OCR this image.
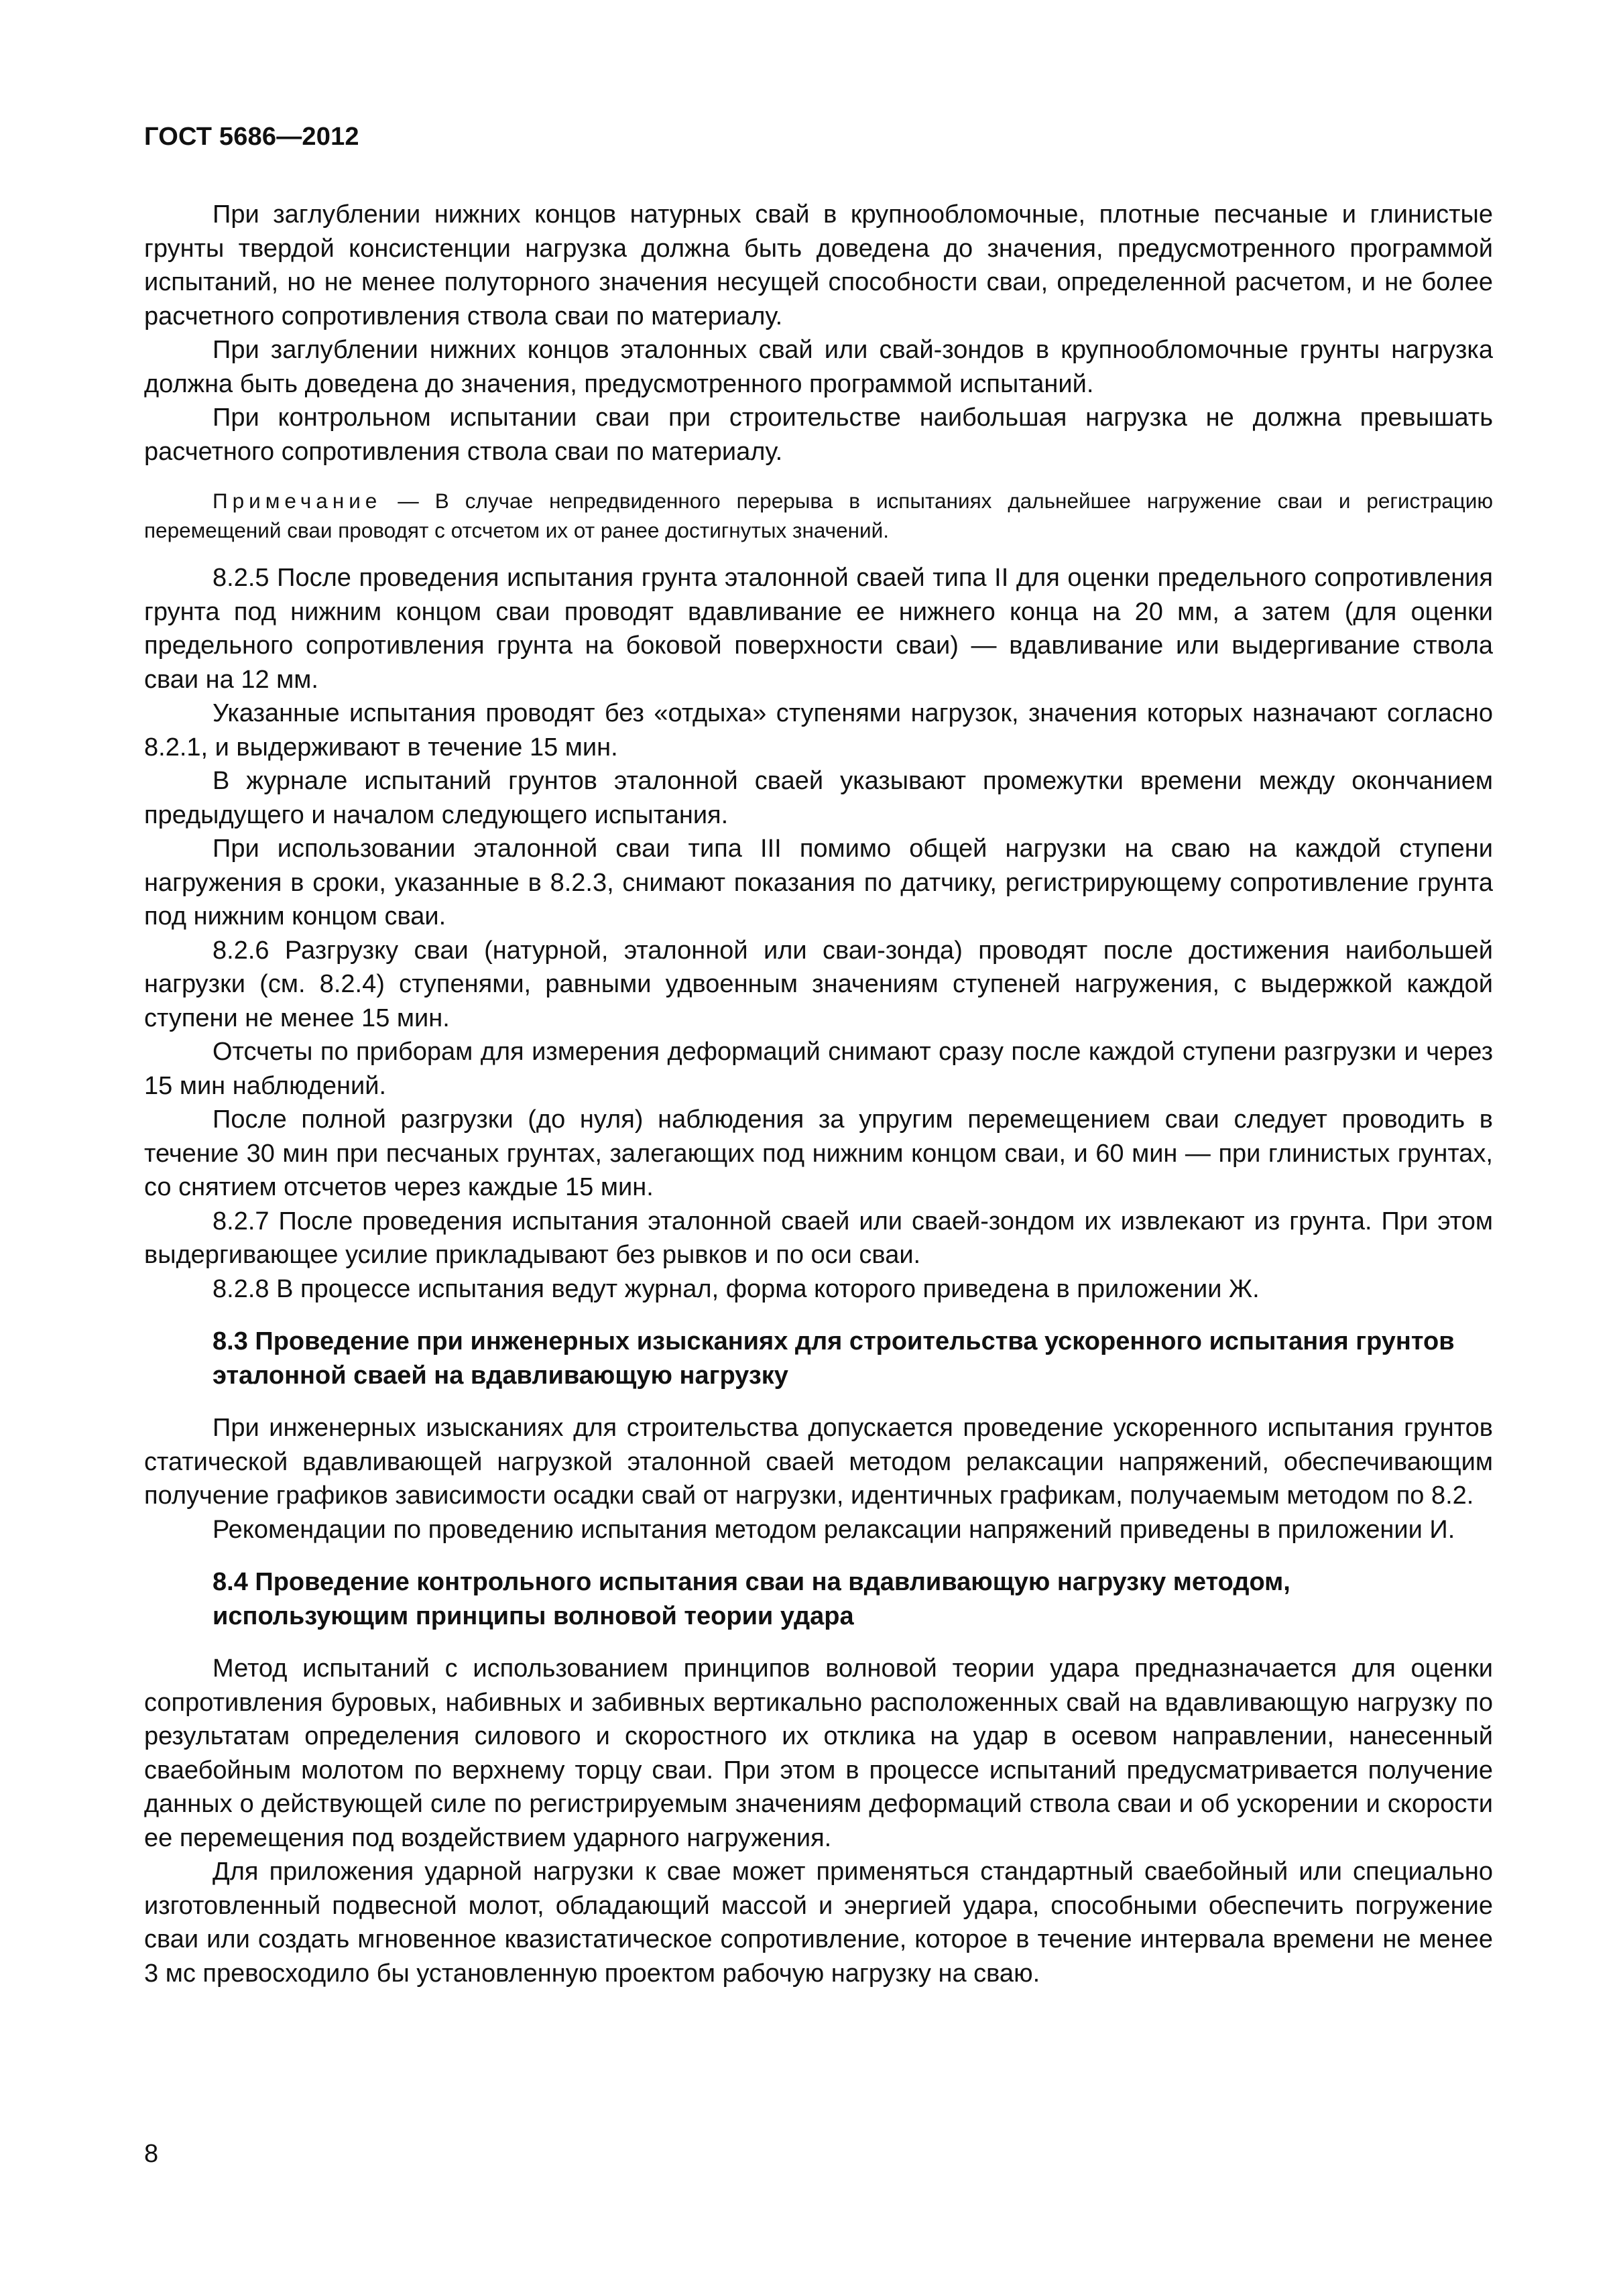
ГОСТ 5686—2012

При заглублении нижних концов натурных свай в крупнообломочные, плотные песчаные и глинистые грунты твердой консистенции нагрузка должна быть доведена до значения, предусмотренного программой испытаний, но не менее полуторного значения несущей способности сваи, определенной расчетом, и не более расчетного сопротивления ствола сваи по материалу.

При заглублении нижних концов эталонных свай или свай-зондов в крупнообломочные грунты нагрузка должна быть доведена до значения, предусмотренного программой испытаний.

При контрольном испытании сваи при строительстве наибольшая нагрузка не должна превышать расчетного сопротивления ствола сваи по материалу.

Примечание — В случае непредвиденного перерыва в испытаниях дальнейшее нагружение сваи и регистрацию перемещений сваи проводят с отсчетом их от ранее достигнутых значений.

8.2.5 После проведения испытания грунта эталонной сваей типа II для оценки предельного сопротивления грунта под нижним концом сваи проводят вдавливание ее нижнего конца на 20 мм, а затем (для оценки предельного сопротивления грунта на боковой поверхности сваи) — вдавливание или выдергивание ствола сваи на 12 мм.

Указанные испытания проводят без «отдыха» ступенями нагрузок, значения которых назначают согласно 8.2.1, и выдерживают в течение 15 мин.

В журнале испытаний грунтов эталонной сваей указывают промежутки времени между окончанием предыдущего и началом следующего испытания.

При использовании эталонной сваи типа III помимо общей нагрузки на сваю на каждой ступени нагружения в сроки, указанные в 8.2.3, снимают показания по датчику, регистрирующему сопротивление грунта под нижним концом сваи.

8.2.6 Разгрузку сваи (натурной, эталонной или сваи-зонда) проводят после достижения наибольшей нагрузки (см. 8.2.4) ступенями, равными удвоенным значениям ступеней нагружения, с выдержкой каждой ступени не менее 15 мин.

Отсчеты по приборам для измерения деформаций снимают сразу после каждой ступени разгрузки и через 15 мин наблюдений.

После полной разгрузки (до нуля) наблюдения за упругим перемещением сваи следует проводить в течение 30 мин при песчаных грунтах, залегающих под нижним концом сваи, и 60 мин — при глинистых грунтах, со снятием отсчетов через каждые 15 мин.

8.2.7 После проведения испытания эталонной сваей или сваей-зондом их извлекают из грунта. При этом выдергивающее усилие прикладывают без рывков и по оси сваи.

8.2.8 В процессе испытания ведут журнал, форма которого приведена в приложении Ж.

8.3 Проведение при инженерных изысканиях для строительства ускоренного испытания грунтов эталонной сваей на вдавливающую нагрузку

При инженерных изысканиях для строительства допускается проведение ускоренного испытания грунтов статической вдавливающей нагрузкой эталонной сваей методом релаксации напряжений, обеспечивающим получение графиков зависимости осадки свай от нагрузки, идентичных графикам, получаемым методом по 8.2.

Рекомендации по проведению испытания методом релаксации напряжений приведены в приложении И.

8.4 Проведение контрольного испытания сваи на вдавливающую нагрузку методом, использующим принципы волновой теории удара

Метод испытаний с использованием принципов волновой теории удара предназначается для оценки сопротивления буровых, набивных и забивных вертикально расположенных свай на вдавливающую нагрузку по результатам определения силового и скоростного их отклика на удар в осевом направлении, нанесенный сваебойным молотом по верхнему торцу сваи. При этом в процессе испытаний предусматривается получение данных о действующей силе по регистрируемым значениям деформаций ствола сваи и об ускорении и скорости ее перемещения под воздействием ударного нагружения.

Для приложения ударной нагрузки к свае может применяться стандартный сваебойный или специально изготовленный подвесной молот, обладающий массой и энергией удара, способными обеспечить погружение сваи или создать мгновенное квазистатическое сопротивление, которое в течение интервала времени не менее 3 мс превосходило бы установленную проектом рабочую нагрузку на сваю.

8
